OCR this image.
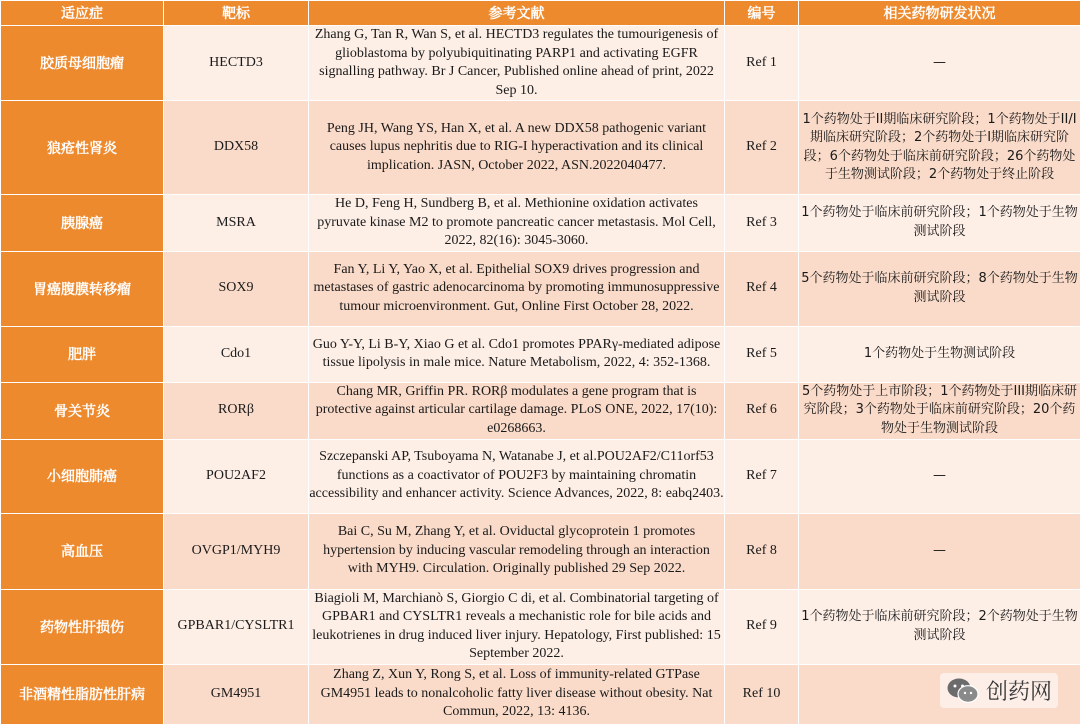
适应症	靶标	参考文献	编号	相关药物研发状况
胶质母细胞瘤	HECTD3	Zhang G, Tan R, Wan S, et al. HECTD3 regulates the tumourigenesis of glioblastoma by polyubiquitinating PARP1 and activating EGFR signalling pathway. Br J Cancer, Published online ahead of print, 2022 Sep 10.	Ref 1	—
狼疮性肾炎	DDX58	Peng JH, Wang YS, Han X, et al. A new DDX58 pathogenic variant causes lupus nephritis due to RIG-I hyperactivation and its clinical implication. JASN, October 2022, ASN.2022040477.	Ref 2	1个药物处于II期临床研究阶段；1个药物处于II/I期临床研究阶段；2个药物处于I期临床研究阶段；6个药物处于临床前研究阶段；26个药物处于生物测试阶段；2个药物处于终止阶段
胰腺癌	MSRA	He D, Feng H, Sundberg B, et al. Methionine oxidation activates pyruvate kinase M2 to promote pancreatic cancer metastasis. Mol Cell, 2022, 82(16): 3045-3060.	Ref 3	1个药物处于临床前研究阶段；1个药物处于生物测试阶段
胃癌腹膜转移瘤	SOX9	Fan Y, Li Y, Yao X, et al. Epithelial SOX9 drives progression and metastases of gastric adenocarcinoma by promoting immunosuppressive tumour microenvironment. Gut, Online First October 28, 2022.	Ref 4	5个药物处于临床前研究阶段；8个药物处于生物测试阶段
肥胖	Cdo1	Guo Y-Y, Li B-Y, Xiao G et al. Cdo1 promotes PPARγ-mediated adipose tissue lipolysis in male mice. Nature Metabolism, 2022, 4: 352-1368.	Ref 5	1个药物处于生物测试阶段
骨关节炎	RORβ	Chang MR, Griffin PR. RORβ modulates a gene program that is protective against articular cartilage damage. PLoS ONE, 2022, 17(10): e0268663.	Ref 6	5个药物处于上市阶段；1个药物处于III期临床研究阶段；3个药物处于临床前研究阶段；20个药物处于生物测试阶段
小细胞肺癌	POU2AF2	Szczepanski AP, Tsuboyama N, Watanabe J, et al.POU2AF2/C11orf53 functions as a coactivator of POU2F3 by maintaining chromatin accessibility and enhancer activity. Science Advances, 2022, 8: eabq2403.	Ref 7	—
高血压	OVGP1/MYH9	Bai C, Su M, Zhang Y, et al. Oviductal glycoprotein 1 promotes hypertension by inducing vascular remodeling through an interaction with MYH9. Circulation. Originally published 29 Sep 2022.	Ref 8	—
药物性肝损伤	GPBAR1/CYSLTR1	Biagioli M, Marchianò S, Giorgio C di, et al. Combinatorial targeting of GPBAR1 and CYSLTR1 reveals a mechanistic role for bile acids and leukotrienes in drug induced liver injury. Hepatology, First published: 15 September 2022.	Ref 9	1个药物处于临床前研究阶段；2个药物处于生物测试阶段
非酒精性脂肪性肝病	GM4951	Zhang Z, Xun Y, Rong S, et al. Loss of immunity-related GTPase GM4951 leads to nonalcoholic fatty liver disease without obesity. Nat Commun, 2022, 13: 4136.	Ref 10		创药网
